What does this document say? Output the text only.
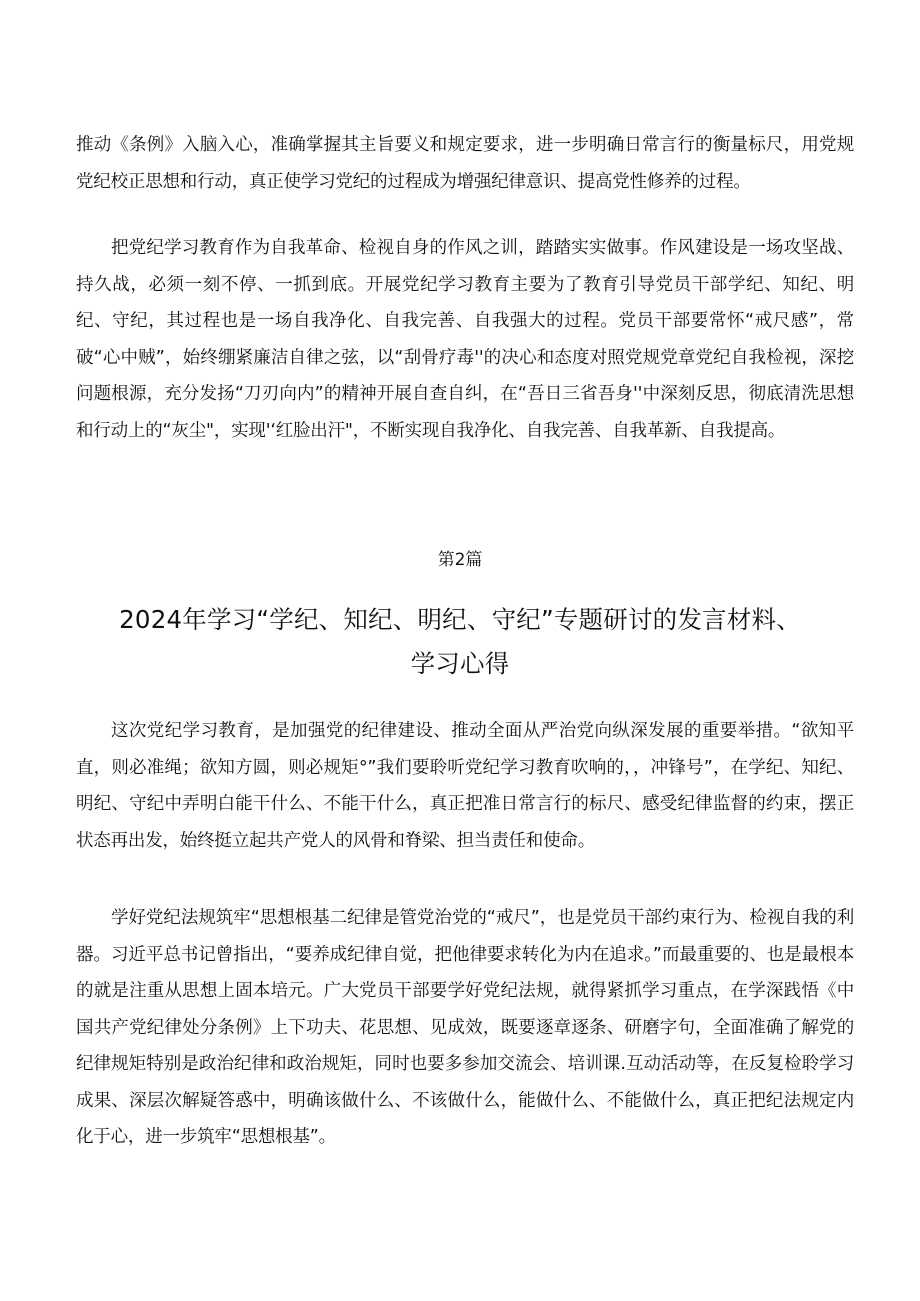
推动《条例》入脑入心，准确掌握其主旨要义和规定要求，进一步明确日常言行的衡量标尺，用党规党纪校正思想和行动，真正使学习党纪的过程成为增强纪律意识、提高党性修养的过程。

把党纪学习教育作为自我革命、检视自身的作风之训，踏踏实实做事。作风建设是一场攻坚战、持久战，必须一刻不停、一抓到底。开展党纪学习教育主要为了教育引导党员干部学纪、知纪、明纪、守纪，其过程也是一场自我净化、自我完善、自我强大的过程。党员干部要常怀“戒尺感”，常破“心中贼”，始终绷紧廉洁自律之弦，以“刮骨疗毒''的决心和态度对照党规党章党纪自我检视，深挖问题根源，充分发扬“刀刃向内”的精神开展自查自纠，在“吾日三省吾身''中深刻反思，彻底清洗思想和行动上的“灰尘"，实现'‘红脸出汗"，不断实现自我净化、自我完善、自我革新、自我提高。

第2篇

2024年学习“学纪、知纪、明纪、守纪”专题研讨的发言材料、学习心得

这次党纪学习教育，是加强党的纪律建设、推动全面从严治党向纵深发展的重要举措。“欲知平直，则必准绳；欲知方圆，则必规矩°”我们要聆听党纪学习教育吹响的，，冲锋号”，在学纪、知纪、明纪、守纪中弄明白能干什么、不能干什么，真正把准日常言行的标尺、感受纪律监督的约束，摆正状态再出发，始终挺立起共产党人的风骨和脊梁、担当责任和使命。

学好党纪法规筑牢“思想根基二纪律是管党治党的“戒尺”，也是党员干部约束行为、检视自我的利器。习近平总书记曾指出，“要养成纪律自觉，把他律要求转化为内在追求。”而最重要的、也是最根本的就是注重从思想上固本培元。广大党员干部要学好党纪法规，就得紧抓学习重点，在学深践悟《中国共产党纪律处分条例》上下功夫、花思想、见成效，既要逐章逐条、研磨字句，全面准确了解党的纪律规矩特别是政治纪律和政治规矩，同时也要多参加交流会、培训课.互动活动等，在反复检聆学习成果、深层次解疑答惑中，明确该做什么、不该做什么，能做什么、不能做什么，真正把纪法规定内化于心，进一步筑牢“思想根基”。
